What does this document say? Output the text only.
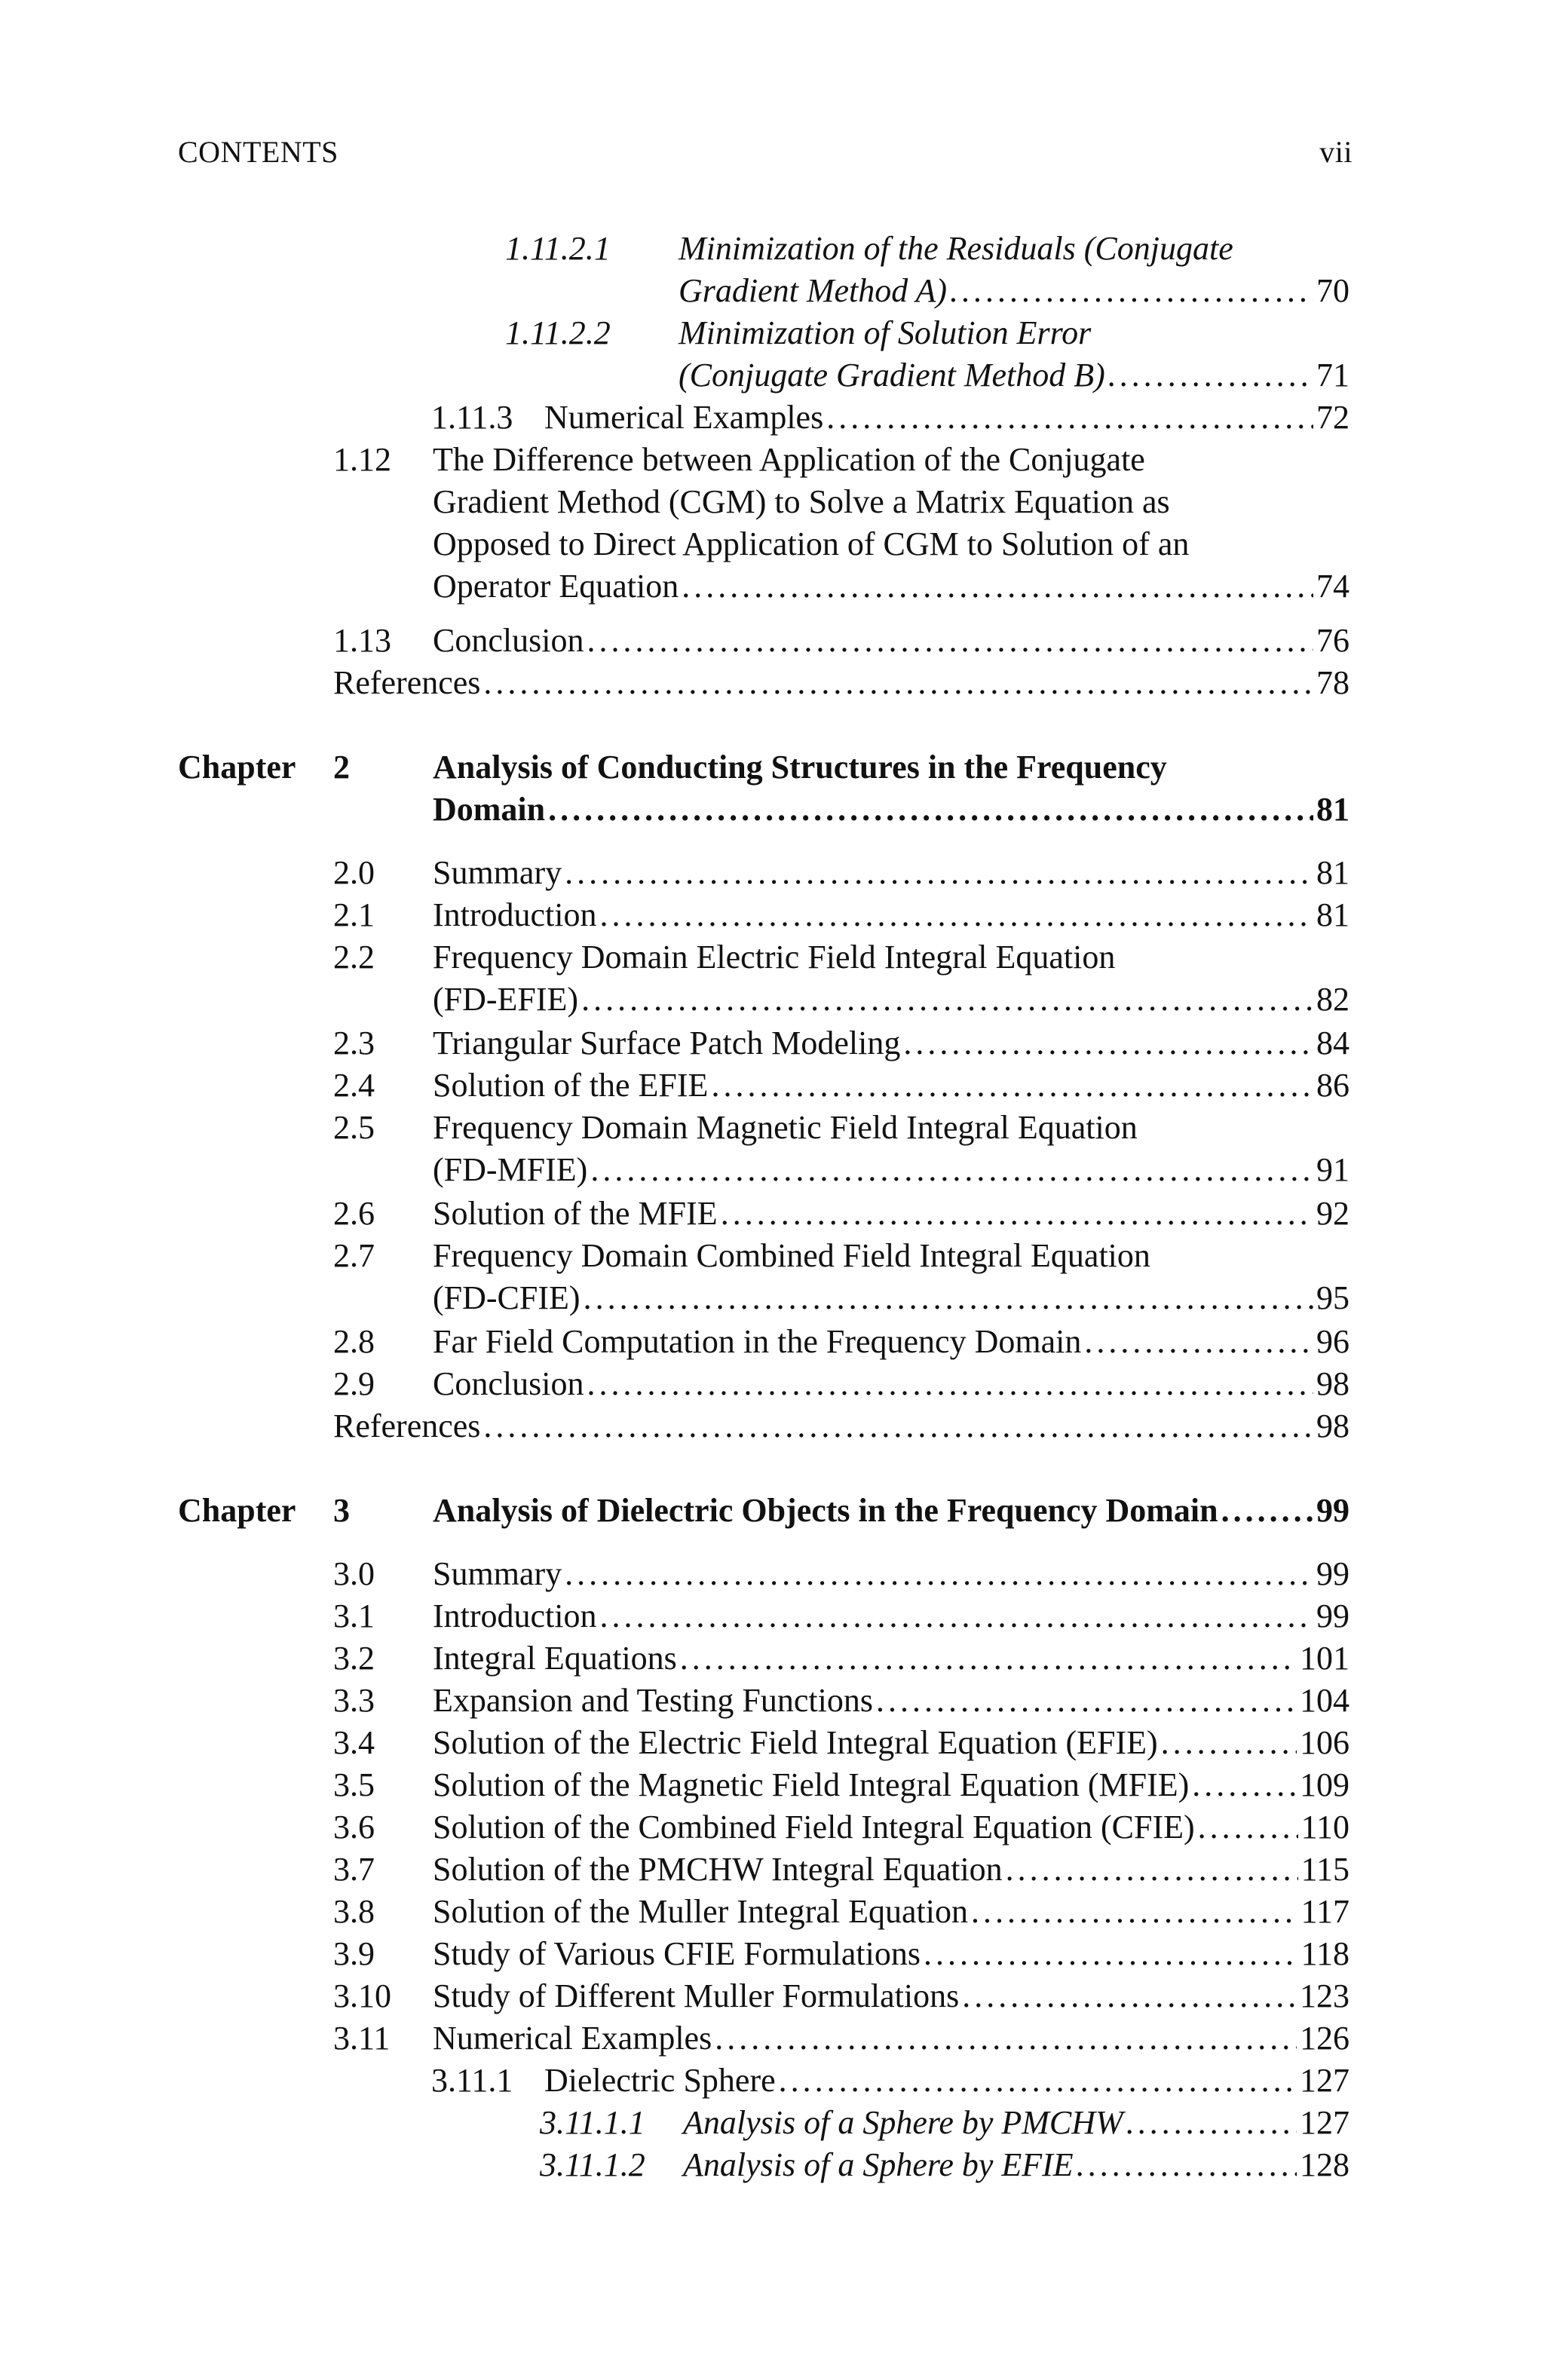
CONTENTS	vii
1.11.2.1 Minimization of the Residuals (Conjugate
Gradient Method A) . . .	70
1.11.2.2 Minimization of Solution Error
(Conjugate Gradient Method B) . . .	71
1.11.3 Numerical Examples . . .	72
1.12 The Difference between Application of the Conjugate
Gradient Method (CGM) to Solve a Matrix Equation as
Opposed to Direct Application of CGM to Solution of an
Operator Equation . . .	74
1.13 Conclusion . . .	76
References . . .	78
Chapter 2	Analysis of Conducting Structures in the Frequency
Domain . . .	81
2.0 Summary . . .	81
2.1 Introduction . . .	81
2.2 Frequency Domain Electric Field Integral Equation
(FD-EFIE) . . .	82
2.3 Triangular Surface Patch Modeling . . .	84
2.4 Solution of the EFIE . . .	86
2.5 Frequency Domain Magnetic Field Integral Equation
(FD-MFIE) . . .	91
2.6 Solution of the MFIE . . .	92
2.7 Frequency Domain Combined Field Integral Equation
(FD-CFIE) . . .	95
2.8 Far Field Computation in the Frequency Domain . . .	96
2.9 Conclusion . . .	98
References . . .	98
Chapter 3	Analysis of Dielectric Objects in the Frequency Domain . . .	99
3.0 Summary . . .	99
3.1 Introduction . . .	99
3.2 Integral Equations . . .	101
3.3 Expansion and Testing Functions . . .	104
3.4 Solution of the Electric Field Integral Equation (EFIE) . . .	106
3.5 Solution of the Magnetic Field Integral Equation (MFIE) . . .	109
3.6 Solution of the Combined Field Integral Equation (CFIE) . . .	110
3.7 Solution of the PMCHW Integral Equation . . .	115
3.8 Solution of the Muller Integral Equation . . .	117
3.9 Study of Various CFIE Formulations . . .	118
3.10 Study of Different Muller Formulations . . .	123
3.11 Numerical Examples . . .	126
3.11.1 Dielectric Sphere . . .	127
3.11.1.1 Analysis of a Sphere by PMCHW . . .	127
3.11.1.2 Analysis of a Sphere by EFIE . . .	128
